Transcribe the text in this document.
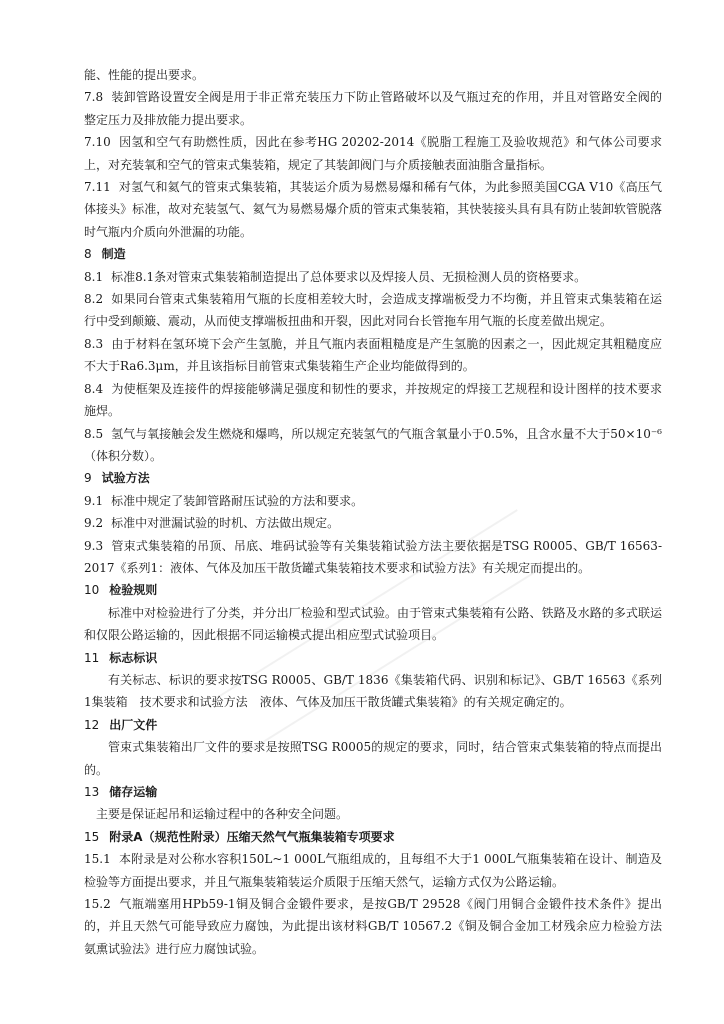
能、性能的提出要求。

7.8 装卸管路设置安全阀是用于非正常充装压力下防止管路破坏以及气瓶过充的作用，并且对管路安全阀的整定压力及排放能力提出要求。

7.10 因氢和空气有助燃性质，因此在参考HG 20202-2014《脱脂工程施工及验收规范》和气体公司要求上，对充装氧和空气的管束式集装箱，规定了其装卸阀门与介质接触表面油脂含量指标。

7.11 对氢气和氦气的管束式集装箱，其装运介质为易燃易爆和稀有气体，为此参照美国CGA V10《高压气体接头》标准，故对充装氢气、氦气为易燃易爆介质的管束式集装箱，其快装接头具有具有防止装卸软管脱落时气瓶内介质向外泄漏的功能。

8 制造

8.1 标准8.1条对管束式集装箱制造提出了总体要求以及焊接人员、无损检测人员的资格要求。

8.2 如果同台管束式集装箱用气瓶的长度相差较大时，会造成支撑端板受力不均衡，并且管束式集装箱在运行中受到颠簸、震动，从而使支撑端板扭曲和开裂，因此对同台长管拖车用气瓶的长度差做出规定。

8.3 由于材料在氢环境下会产生氢脆，并且气瓶内表面粗糙度是产生氢脆的因素之一，因此规定其粗糙度应不大于Ra6.3μm，并且该指标目前管束式集装箱生产企业均能做得到的。

8.4 为使框架及连接件的焊接能够满足强度和韧性的要求，并按规定的焊接工艺规程和设计图样的技术要求施焊。

8.5 氢气与氧接触会发生燃烧和爆鸣，所以规定充装氢气的气瓶含氧量小于0.5%，且含水量不大于50×10⁻⁶（体积分数）。

9 试验方法

9.1 标准中规定了装卸管路耐压试验的方法和要求。

9.2 标准中对泄漏试验的时机、方法做出规定。

9.3 管束式集装箱的吊顶、吊底、堆码试验等有关集装箱试验方法主要依据是TSG R0005、GB/T 16563-2017《系列1：液体、气体及加压干散货罐式集装箱技术要求和试验方法》有关规定而提出的。

10 检验规则

标准中对检验进行了分类，并分出厂检验和型式试验。由于管束式集装箱有公路、铁路及水路的多式联运和仅限公路运输的，因此根据不同运输模式提出相应型式试验项目。

11 标志标识

有关标志、标识的要求按TSG R0005、GB/T 1836《集装箱代码、识别和标记》、GB/T 16563《系列1集装箱　技术要求和试验方法　液体、气体及加压干散货罐式集装箱》的有关规定确定的。

12 出厂文件

管束式集装箱出厂文件的要求是按照TSG R0005的规定的要求，同时，结合管束式集装箱的特点而提出的。

13 储存运输

主要是保证起吊和运输过程中的各种安全问题。

15 附录A（规范性附录）压缩天然气气瓶集装箱专项要求

15.1 本附录是对公称水容积150L~1 000L气瓶组成的，且每组不大于1 000L气瓶集装箱在设计、制造及检验等方面提出要求，并且气瓶集装箱装运介质限于压缩天然气，运输方式仅为公路运输。

15.2 气瓶端塞用HPb59-1铜及铜合金锻件要求，是按GB/T 29528《阀门用铜合金锻件技术条件》提出的，并且天然气可能导致应力腐蚀，为此提出该材料GB/T 10567.2《铜及铜合金加工材残余应力检验方法　氨熏试验法》进行应力腐蚀试验。
